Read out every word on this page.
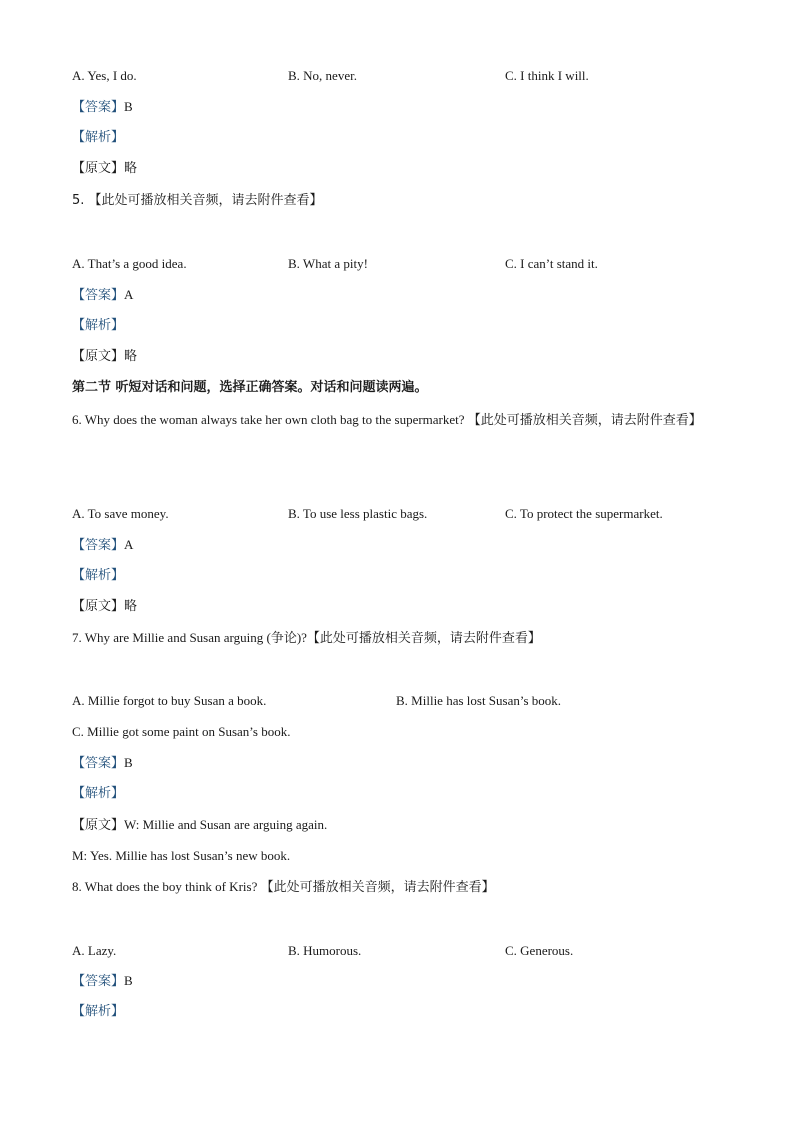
A. Yes, I do.	B. No, never.	C. I think I will.
【答案】B
【解析】
【原文】略
5. 【此处可播放相关音频，请去附件查看】
A. That’s a good idea.	B. What a pity!	C. I can’t stand it.
【答案】A
【解析】
【原文】略
第二节 听短对话和问题，选择正确答案。对话和问题读两遍。
6. Why does the woman always take her own cloth bag to the supermarket? 【此处可播放相关音频，请去附件查看】
A. To save money.	B. To use less plastic bags.	C. To protect the supermarket.
【答案】A
【解析】
【原文】略
7. Why are Millie and Susan arguing (争论)?【此处可播放相关音频，请去附件查看】
A. Millie forgot to buy Susan a book.	B. Millie has lost Susan’s book.
C. Millie got some paint on Susan’s book.
【答案】B
【解析】
【原文】W: Millie and Susan are arguing again.
M: Yes. Millie has lost Susan’s new book.
8. What does the boy think of Kris? 【此处可播放相关音频，请去附件查看】
A. Lazy.	B. Humorous.	C. Generous.
【答案】B
【解析】
